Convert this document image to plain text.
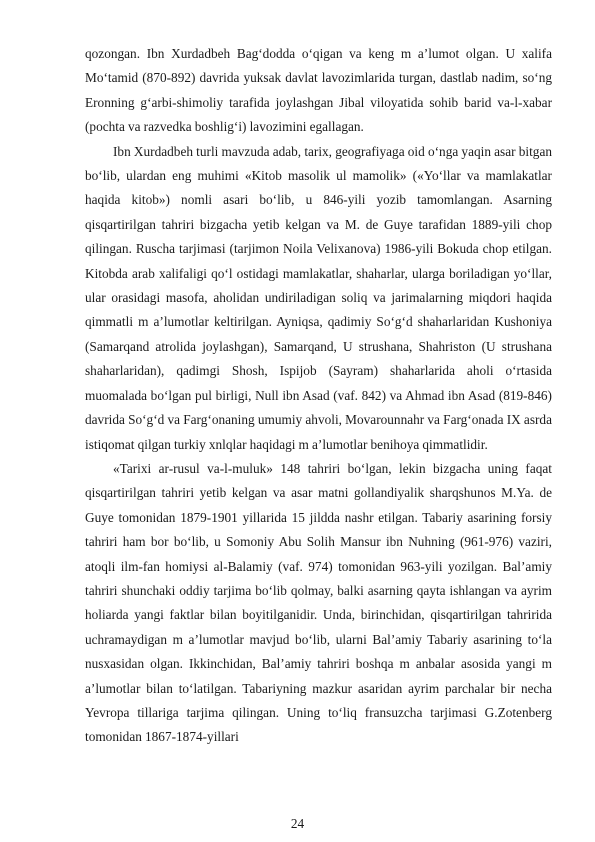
qozongan. Ibn Xurdadbeh Bag‘dodda o‘qigan va keng m a’lumot olgan. U xalifa Mo‘tamid (870-892) davrida yuksak davlat lavozimlarida turgan, dastlab nadim, so‘ng Eronning g‘arbi-shimoliy tarafida joylashgan Jibal viloyatida sohib barid va-l-xabar (pochta va razvedka boshlig‘i) lavozimini egallagan.

Ibn Xurdadbeh turli mavzuda adab, tarix, geografiyaga oid o‘nga yaqin asar bitgan bo‘lib, ulardan eng muhimi «Kitob masolik ul mamolik» («Yo‘llar va mamlakatlar haqida kitob») nomli asari bo‘lib, u 846-yili yozib tamomlangan. Asarning qisqartirilgan tahriri bizgacha yetib kelgan va M. de Guye tarafidan 1889-yili chop qilingan. Ruscha tarjimasi (tarjimon Noila Velixanova) 1986-yili Bokuda chop etilgan. Kitobda arab xalifaligi qo‘l ostidagi mamlakatlar, shaharlar, ularga boriladigan yo‘llar, ular orasidagi masofa, aholidan undiriladigan soliq va jarimalarning miqdori haqida qimmatli m a’lumotlar keltirilgan. Ayniqsa, qadimiy So‘g‘d shaharlaridan Kushoniya (Samarqand atrolida joylashgan), Samarqand, U strushana, Shahriston (U strushana shaharlaridan), qadimgi Shosh, Ispijob (Sayram) shaharlarida aholi o‘rtasida muomalada bo‘lgan pul birligi, Null ibn Asad (vaf. 842) va Ahmad ibn Asad (819-846) davrida So‘g‘d va Farg‘onaning umumiy ahvoli, Movarounnahr va Farg‘onada IX asrda istiqomat qilgan turkiy xnlqlar haqidagi m a’lumotlar benihoya qimmatlidir.

«Tarixi ar-rusul va-l-muluk» 148 tahriri bo‘lgan, lekin bizgacha uning faqat qisqartirilgan tahriri yetib kelgan va asar matni gollandiyalik sharqshunos M.Ya. de Guye tomonidan 1879-1901 yillarida 15 jildda nashr etilgan. Tabariy asarining forsiy tahriri ham bor bo‘lib, u Somoniy Abu Solih Mansur ibn Nuhning (961-976) vaziri, atoqli ilm-fan homiysi al-Balamiy (vaf. 974) tomonidan 963-yili yozilgan. Bal’amiy tahriri shunchaki oddiy tarjima bo‘lib qolmay, balki asarning qayta ishlangan va ayrim holiarda yangi faktlar bilan boyitilganidir. Unda, birinchidan, qisqartirilgan tahririda uchramaydigan m a’lumotlar mavjud bo‘lib, ularni Bal’amiy Tabariy asarining to‘la nusxasidan olgan. Ikkinchidan, Bal’amiy tahriri boshqa m anbalar asosida yangi m a’lumotlar bilan to‘latilgan. Tabariyning mazkur asaridan ayrim parchalar bir necha Yevropa tillariga tarjima qilingan. Uning to‘liq fransuzcha tarjimasi G.Zotenberg tomonidan 1867-1874-yillari

24
